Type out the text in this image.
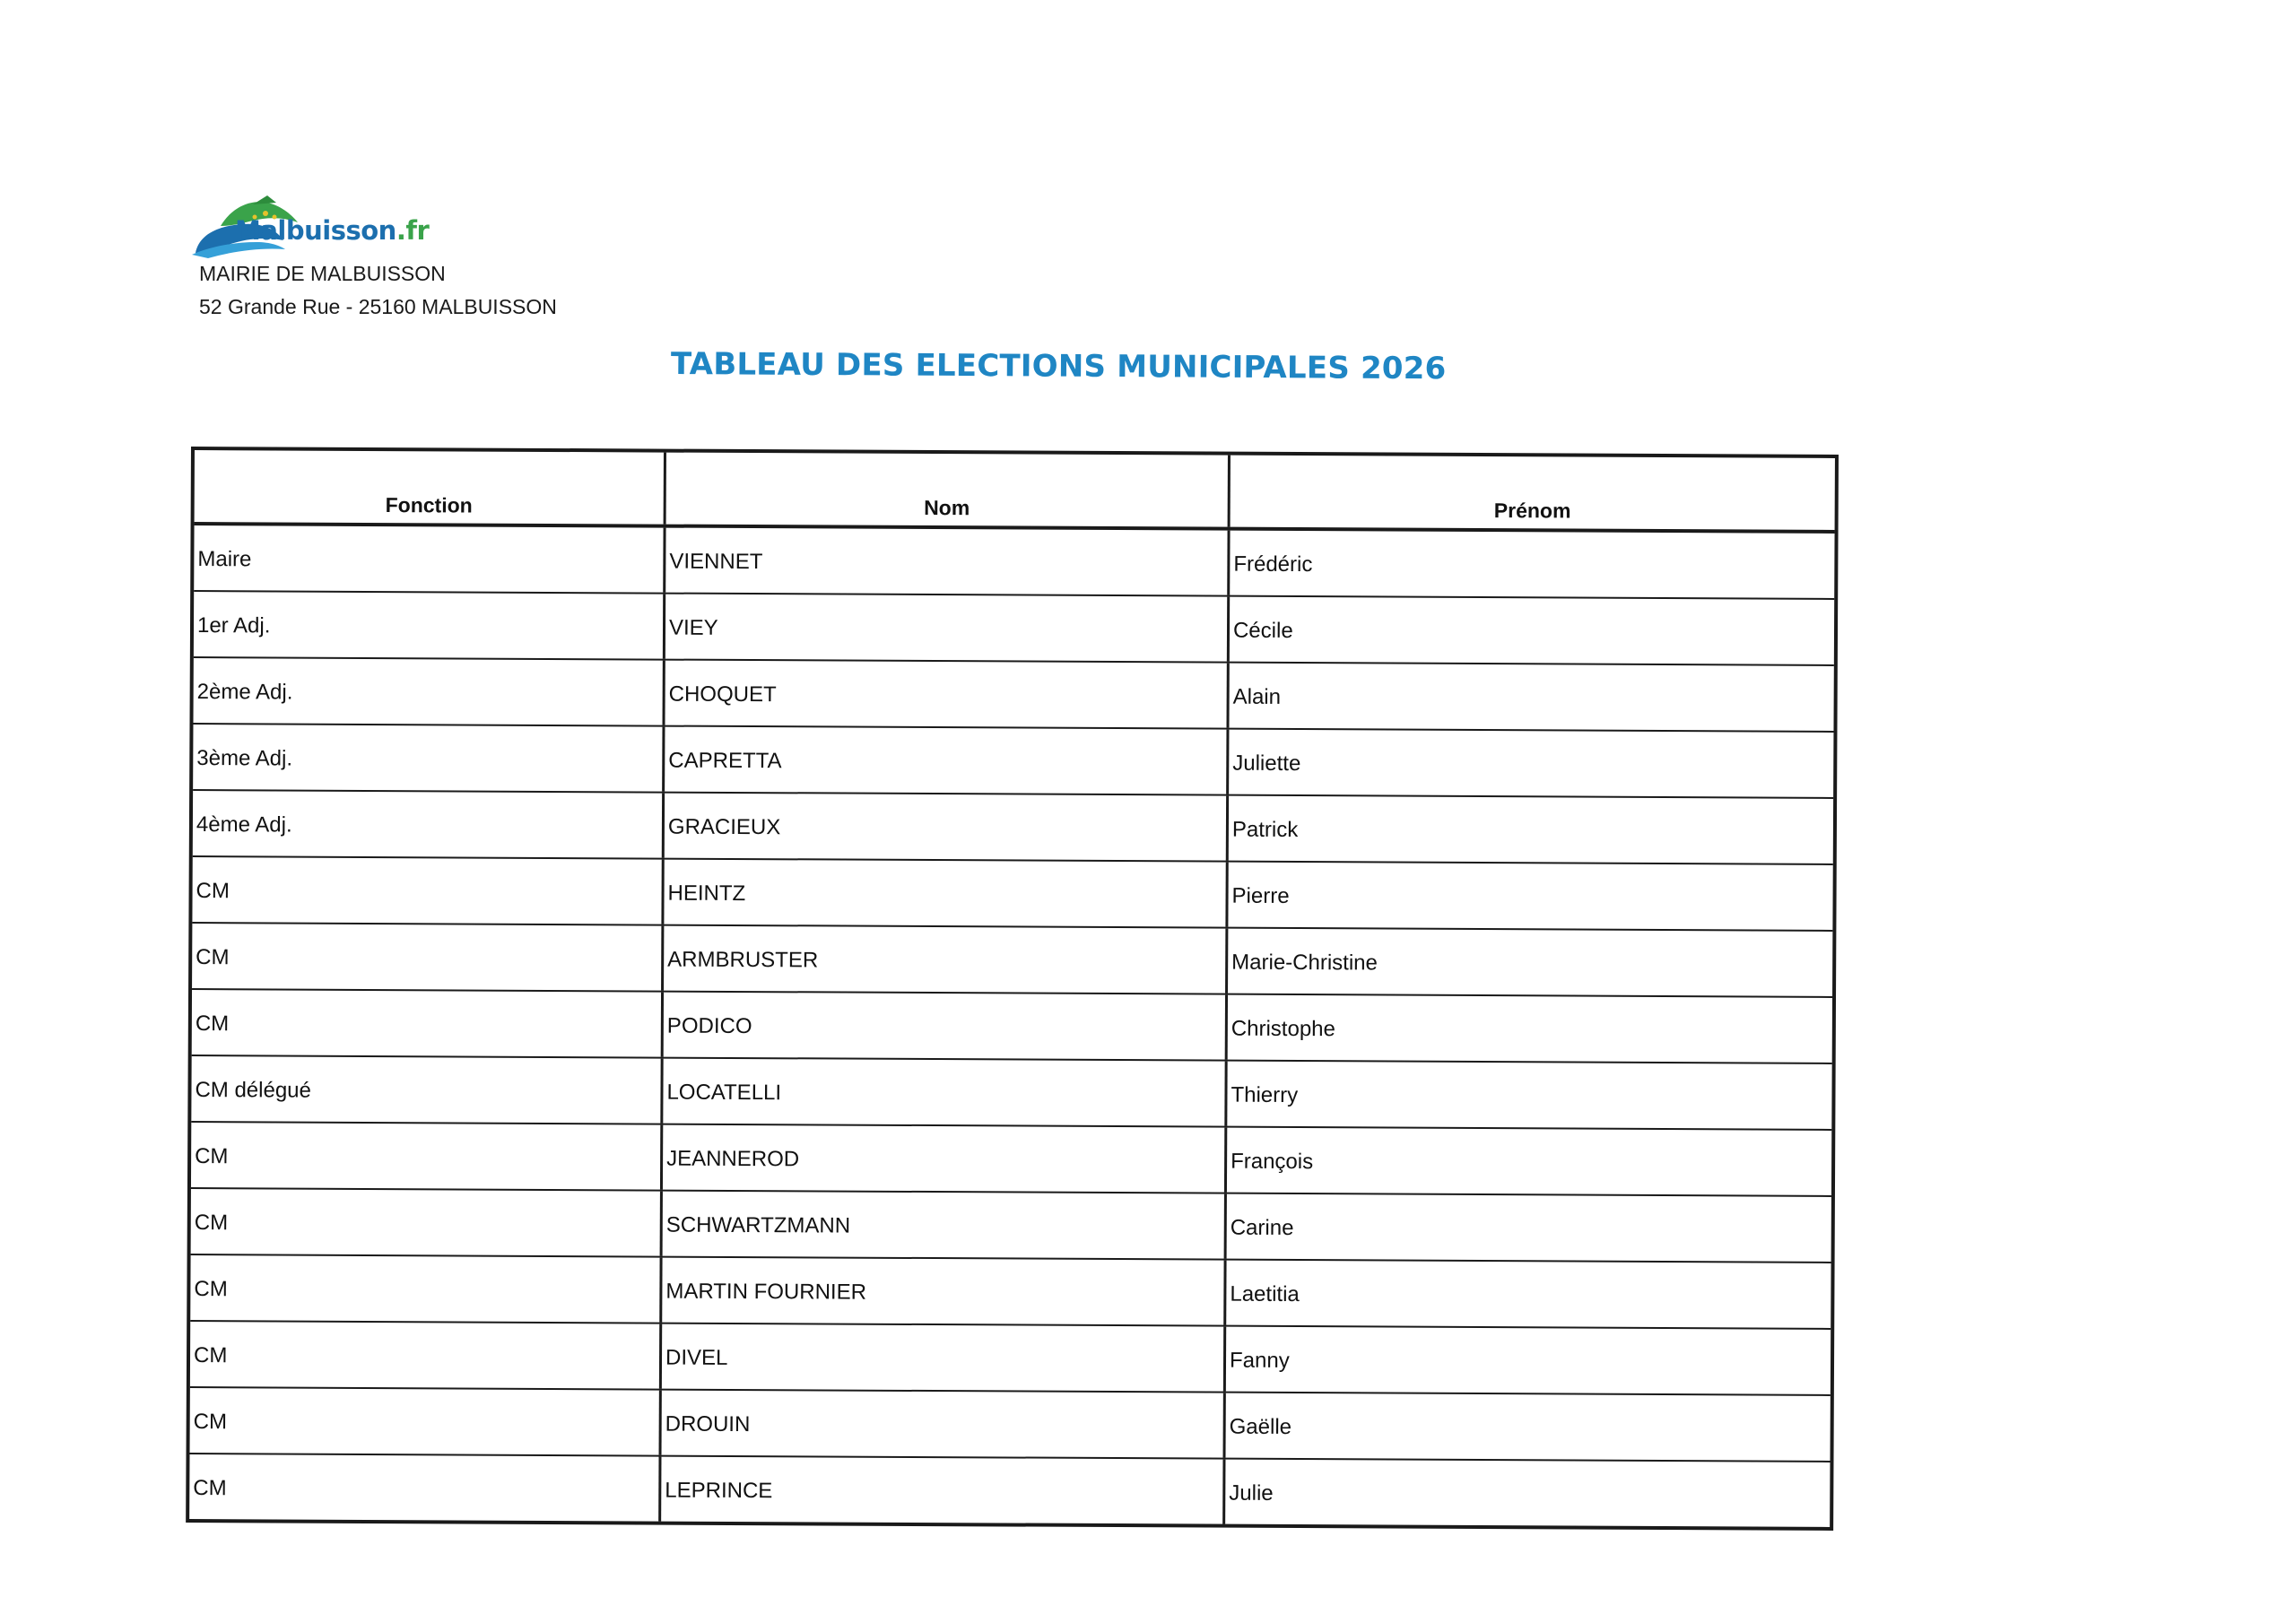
Malbuisson.fr
MAIRIE DE MALBUISSON
52 Grande Rue - 25160 MALBUISSON
TABLEAU DES ELECTIONS MUNICIPALES 2026
Fonction	Nom	Prénom
Maire	VIENNET	Frédéric
1er Adj.	VIEY	Cécile
2ème Adj.	CHOQUET	Alain
3ème Adj.	CAPRETTA	Juliette
4ème Adj.	GRACIEUX	Patrick
CM	HEINTZ	Pierre
CM	ARMBRUSTER	Marie-Christine
CM	PODICO	Christophe
CM délégué	LOCATELLI	Thierry
CM	JEANNEROD	François
CM	SCHWARTZMANN	Carine
CM	MARTIN FOURNIER	Laetitia
CM	DIVEL	Fanny
CM	DROUIN	Gaëlle
CM	LEPRINCE	Julie
